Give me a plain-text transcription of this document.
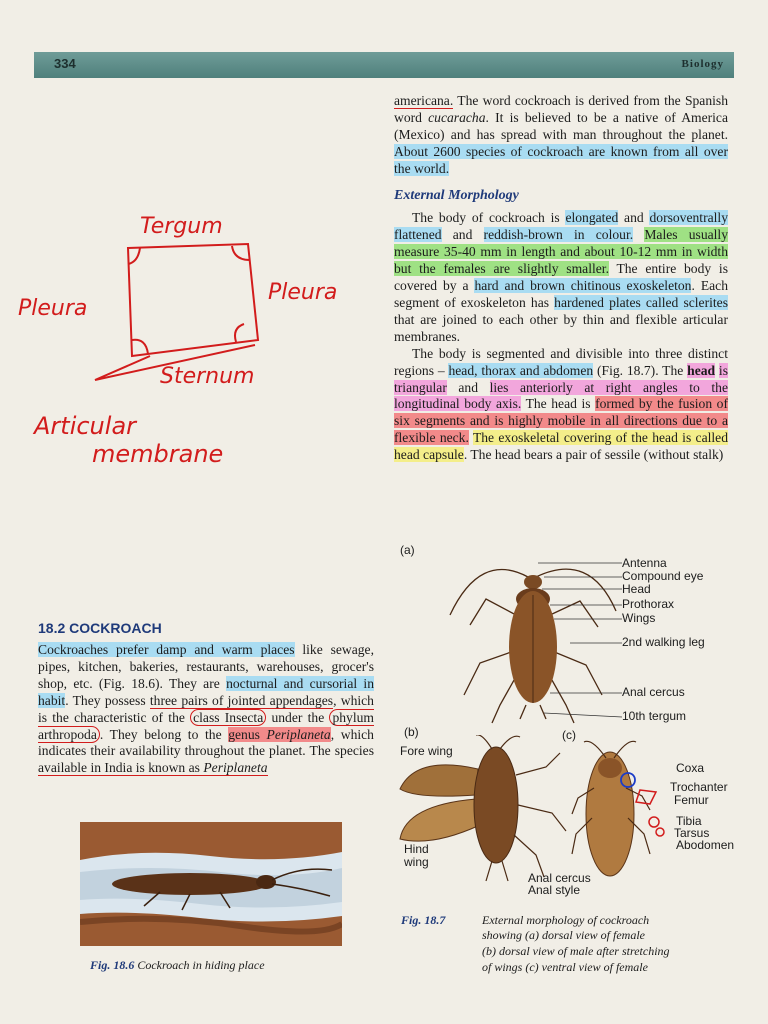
334	Biology

americana. The word cockroach is derived from the Spanish word cucaracha. It is believed to be a native of America (Mexico) and has spread with man throughout the planet. About 2600 species of cockroach are known from all over the world.

External Morphology

The body of cockroach is elongated and dorsoventrally flattened and reddish-brown in colour. Males usually measure 35-40 mm in length and about 10-12 mm in width but the females are slightly smaller. The entire body is covered by a hard and brown chitinous exoskeleton. Each segment of exoskeleton has hardened plates called sclerites that are joined to each other by thin and flexible articular membranes.

The body is segmented and divisible into three distinct regions – head, thorax and abdomen (Fig. 18.7). The head is triangular and lies anteriorly at right angles to the longitudinal body axis. The head is formed by the fusion of six segments and is highly mobile in all directions due to a flexible neck. The exoskeletal covering of the head is called head capsule. The head bears a pair of sessile (without stalk)

Tergum
Pleura
Pleura
Sternum
Articular
membrane

18.2 COCKROACH

Cockroaches prefer damp and warm places like sewage, pipes, kitchen, bakeries, restaurants, warehouses, grocer's shop, etc. (Fig. 18.6). They are nocturnal and cursorial in habit. They possess three pairs of jointed appendages, which is the characteristic of the class Insecta under the phylum arthropoda . They belong to the genus Periplaneta, which indicates their availability throughout the planet. The species available in India is known as Periplaneta

Fig. 18.6 Cockroach in hiding place
(a)
(b)	(c)
Antenna
Compound eye
Head
Prothorax
Wings
2nd walking leg
Anal cercus
10th tergum
Fore wing
Hind wing
Anal cercus
Anal style
Coxa
Trochanter
Femur
Tibia
Tarsus
Abodomen
Fig. 18.7	External morphology of cockroach
showing (a) dorsal view of female
(b) dorsal view of male after stretching
of wings (c) ventral view of female
